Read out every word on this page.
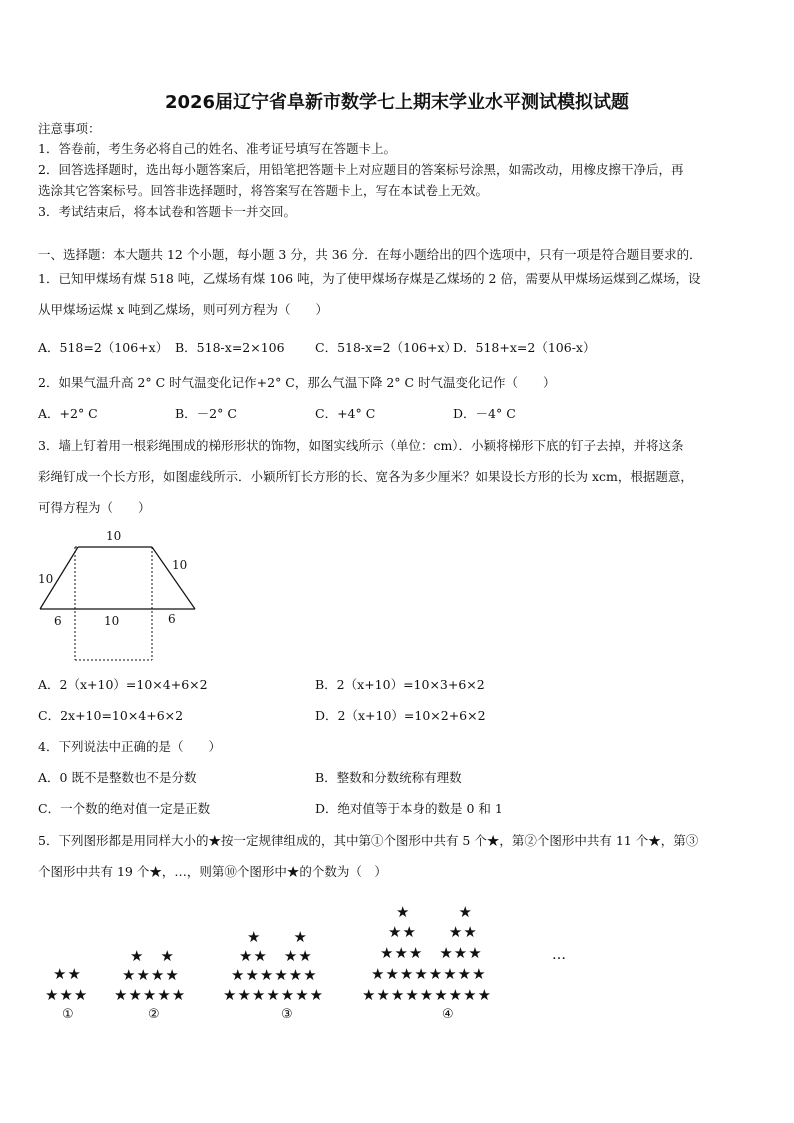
2026届辽宁省阜新市数学七上期末学业水平测试模拟试题
注意事项：
1．答卷前，考生务必将自己的姓名、准考证号填写在答题卡上。
2．回答选择题时，选出每小题答案后，用铅笔把答题卡上对应题目的答案标号涂黑，如需改动，用橡皮擦干净后，再
选涂其它答案标号。回答非选择题时，将答案写在答题卡上，写在本试卷上无效。
3．考试结束后，将本试卷和答题卡一并交回。
一、选择题：本大题共 12 个小题，每小题 3 分，共 36 分．在每小题给出的四个选项中，只有一项是符合题目要求的．
1．已知甲煤场有煤 518 吨，乙煤场有煤 106 吨，为了使甲煤场存煤是乙煤场的 2 倍，需要从甲煤场运煤到乙煤场，设
从甲煤场运煤 x 吨到乙煤场，则可列方程为（　　）
A．518=2（106+x） B．518-x=2×106 C．518-x=2（106+x）
D．518+x=2（106-x）
2．如果气温升高 2° C 时气温变化记作+2° C，那么气温下降 2° C 时气温变化记作（　　）
A．+2° C	B．－2° C	C．+4° C	D．－4° C
3．墙上钉着用一根彩绳围成的梯形形状的饰物，如图实线所示（单位：cm）．小颖将梯形下底的钉子去掉，并将这条
彩绳钉成一个长方形，如图虚线所示．小颖所钉长方形的长、宽各为多少厘米？如果设长方形的长为 xcm，根据题意，
可得方程为（　　）
10
10
10
6	10	6
A．2（x+10）=10×4+6×2	B．2（x+10）=10×3+6×2
C．2x+10=10×4+6×2	D．2（x+10）=10×2+6×2
4．下列说法中正确的是（　　）
A．0 既不是整数也不是分数	B．整数和分数统称有理数
C．一个数的绝对值一定是正数	D．绝对值等于本身的数是 0 和 1
5．下列图形都是用同样大小的★按一定规律组成的，其中第①个图形中共有 5 个★，第②个图形中共有 11 个★，第③
个图形中共有 19 个★，…，则第⑩个图形中★的个数为（　）
★★
★★★
①
★　★
★★★★
★★★★★
②
★　　★
★★　★★
★★★★★★
★★★★★★★
③
★　　　★
★★　　★★
★★★　★★★
★★★★★★★★
★★★★★★★★★
④
…
